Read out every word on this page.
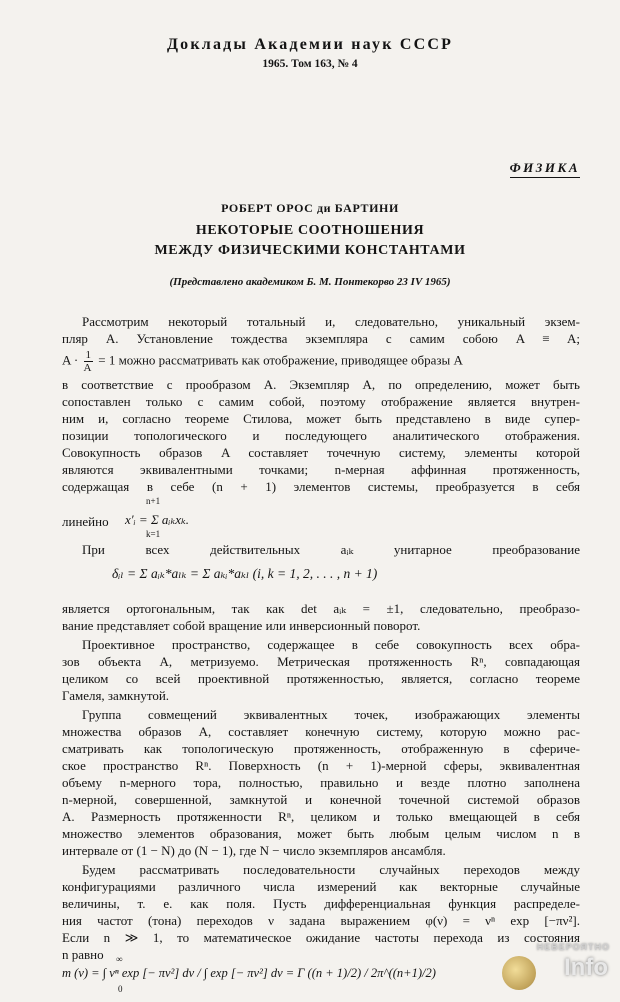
Доклады Академии наук СССР
1965. Том 163, № 4
ФИЗИКА
РОБЕРТ ОРОС ди БАРТИНИ
НЕКОТОРЫЕ СООТНОШЕНИЯ
МЕЖДУ ФИЗИЧЕСКИМИ КОНСТАНТАМИ
(Представлено академиком Б. М. Понтекорво 23 IV 1965)
Рассмотрим некоторый тотальный и, следовательно, уникальный экзем-
пляр A. Установление тождества экземпляра с самим собою A ≡ A;
$A \cdot \frac{1}{A} = 1$ можно рассматривать как отображение, приводящее образы A
в соответствие с прообразом A. Экземпляр A, по определению, может быть
сопоставлен только с самим собой, поэтому отображение является внутрен-
ним и, согласно теореме Стилова, может быть представлено в виде супер-
позиции топологического и последующего аналитического отображения.
Совокупность образов A составляет точечную систему, элементы которой
являются эквивалентными точками; n-мерная аффинная протяженность,
содержащая в себе (n + 1) элементов системы, преобразуется в себя
линейно
n+1
x′ᵢ = Σ aᵢₖxₖ.
k=1
При всех действительных aᵢₖ унитарное преобразование
δᵢₗ = Σ aᵢₖ*aₗₖ = Σ aₖᵢ*aₖₗ (i, k = 1, 2, . . . , n + 1)
является ортогональным, так как det aᵢₖ = ±1, следовательно, преобразо-
вание представляет собой вращение или инверсионный поворот.
Проективное пространство, содержащее в себе совокупность всех обра-
зов объекта A, метризуемо. Метрическая протяженность Rⁿ, совпадающая
целиком со всей проективной протяженностью, является, согласно теореме
Гамеля, замкнутой.
Группа совмещений эквивалентных точек, изображающих элементы
множества образов A, составляет конечную систему, которую можно рас-
сматривать как топологическую протяженность, отображенную в сфериче-
ское пространство Rⁿ. Поверхность (n + 1)-мерной сферы, эквивалентная
объему n-мерного тора, полностью, правильно и везде плотно заполнена
n-мерной, совершенной, замкнутой и конечной точечной системой образов
A. Размерность протяженности Rⁿ, целиком и только вмещающей в себя
множество элементов образования, может быть любым целым числом n в
интервале от (1 − N) до (N − 1), где N − число экземпляров ансамбля.
Будем рассматривать последовательности случайных переходов между
конфигурациями различного числа измерений как векторные случайные
величины, т. е. как поля. Пусть дифференциальная функция распределе-
ния частот (тона) переходов ν задана выражением φ(ν) = νⁿ exp [−πν²].
Если n ≫ 1, то математическое ожидание частоты перехода из состояния
n равно	∞
m (ν) = ∫ νⁿ exp [− πν²] dν / ∫ exp [− πν²] dν = Γ ((n + 1)/2) / 2π^((n+1)/2)
0
НЕВЕРОЯТНО
Info
